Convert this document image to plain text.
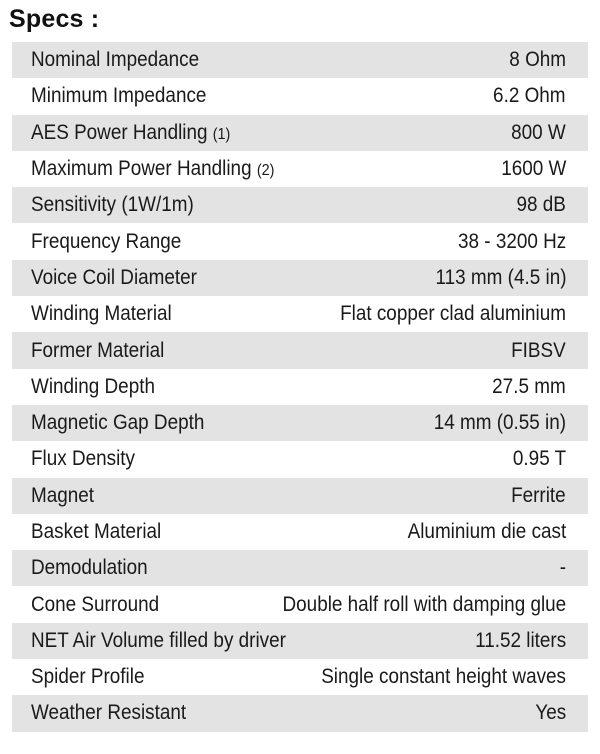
Specs :
Nominal Impedance	8 Ohm
Minimum Impedance	6.2 Ohm
AES Power Handling (1)	800 W
Maximum Power Handling (2)	1600 W
Sensitivity (1W/1m)	98 dB
Frequency Range	38 - 3200 Hz
Voice Coil Diameter	113 mm (4.5 in)
Winding Material	Flat copper clad aluminium
Former Material	FIBSV
Winding Depth	27.5 mm
Magnetic Gap Depth	14 mm (0.55 in)
Flux Density	0.95 T
Magnet	Ferrite
Basket Material	Aluminium die cast
Demodulation	-
Cone Surround	Double half roll with damping glue
NET Air Volume filled by driver	11.52 liters
Spider Profile	Single constant height waves
Weather Resistant	Yes
